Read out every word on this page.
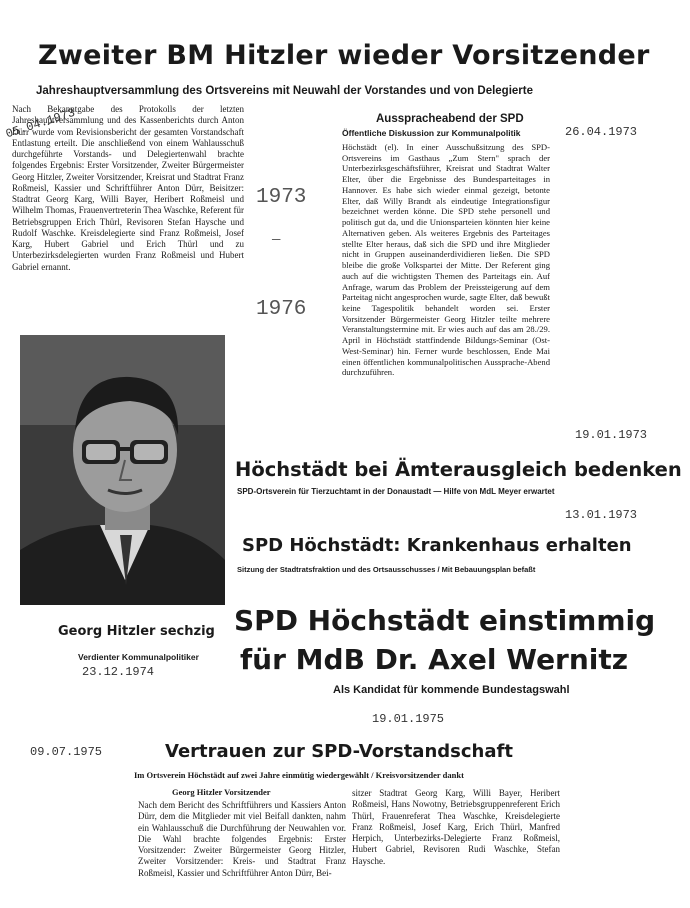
Zweiter BM Hitzler wieder Vorsitzender
Jahreshauptversammlung des Ortsvereins mit Neuwahl der Vorstandes und von Delegierte
Nach Bekanntgabe des Protokolls der letzten Jahreshauptversammlung und des Kassenberichts durch Anton Dürr wurde vom Revisionsbericht der gesamten Vorstandschaft Entlastung erteilt. Die anschließend von einem Wahlausschuß durchgeführte Vorstands- und Delegiertenwahl brachte folgendes Ergebnis: Erster Vorsitzender, Zweiter Bürgermeister Georg Hitzler, Zweiter Vorsitzender, Kreisrat und Stadtrat Franz Roßmeisl, Kassier und Schriftführer Anton Dürr, Beisitzer: Stadtrat Georg Karg, Willi Bayer, Heribert Roßmeisl und Wilhelm Thomas, Frauenvertreterin Thea Waschke, Referent für Betriebsgruppen Erich Thürl, Revisoren Stefan Haysche und Rudolf Waschke. Kreisdelegierte sind Franz Roßmeisl, Josef Karg, Hubert Gabriel und Erich Thürl und zu Unterbezirksdelegierten wurden Franz Roßmeisl und Hubert Gabriel ernannt.
05.04.1973
1973
—
1976
Aussprachеabend der SPD
Öffentliche Diskussion zur Kommunalpolitik	26.04.1973
Höchstädt (el). In einer Ausschußsitzung des SPD-Ortsvereins im Gasthaus „Zum Stern" sprach der Unterbezirksgeschäftsführer, Kreisrat und Stadtrat Walter Elter, über die Ergebnisse des Bundesparteitages in Hannover. Es habe sich wieder einmal gezeigt, betonte Elter, daß Willy Brandt als eindeutige Integrationsfigur bezeichnet werden könne. Die SPD stehe personell und politisch gut da, und die Unionsparteien könnten hier keine Alternativen geben. Als weiteres Ergebnis des Parteitages stellte Elter heraus, daß sich die SPD und ihre Mitglieder nicht in Gruppen auseinanderdividieren ließen. Die SPD bleibe die große Volkspartei der Mitte. Der Referent ging auch auf die wichtigsten Themen des Parteitags ein. Auf Anfrage, warum das Problem der Preissteigerung auf dem Parteitag nicht angesprochen wurde, sagte Elter, daß bewußt keine Tagespolitik behandelt worden sei. Erster Vorsitzender Bürgermeister Georg Hitzler teilte mehrere Veranstaltungstermine mit. Er wies auch auf das am 28./29. April in Höchstädt stattfindende Bildungs-Seminar (Ost-West-Seminar) hin. Ferner wurde beschlossen, Ende Mai einen öffentlichen kommunalpolitischen Aussprache-Abend durchzuführen.
19.01.1973
Höchstädt bei Ämterausgleich bedenken
SPD-Ortsverein für Tierzuchtamt in der Donaustadt — Hilfe von MdL Meyer erwartet
13.01.1973
SPD Höchstädt: Krankenhaus erhalten
Sitzung der Stadtratsfraktion und des Ortsausschusses / Mit Bebauungsplan befaßt
Georg Hitzler sechzig
Verdienter Kommunalpolitiker
23.12.1974
SPD Höchstädt einstimmig
für MdB Dr. Axel Wernitz
Als Kandidat für kommende Bundestagswahl
19.01.1975
09.07.1975	Vertrauen zur SPD-Vorstandschaft
Im Ortsverein Höchstädt auf zwei Jahre einmütig wiedergewählt / Kreisvorsitzender dankt
Georg Hitzler Vorsitzender
Nach dem Bericht des Schriftführers und Kassiers Anton Dürr, dem die Mitglieder mit viel Beifall dankten, nahm ein Wahlausschuß die Durchführung der Neuwahlen vor. Die Wahl brachte folgendes Ergebnis: Erster Vorsitzender: Zweiter Bürgermeister Georg Hitzler, Zweiter Vorsitzender: Kreis- und Stadtrat Franz Roßmeisl, Kassier und Schriftführer Anton Dürr, Bei-
sitzer Stadtrat Georg Karg, Willi Bayer, Heribert Roßmeisl, Hans Nowotny, Betriebsgruppenreferent Erich Thürl, Frauenreferat Thea Waschke, Kreisdelegierte Franz Roßmeisl, Josef Karg, Erich Thürl, Manfred Herpich, Unterbezirks-Delegierte Franz Roßmeisl, Hubert Gabriel, Revisoren Rudi Waschke, Stefan Haysche.
